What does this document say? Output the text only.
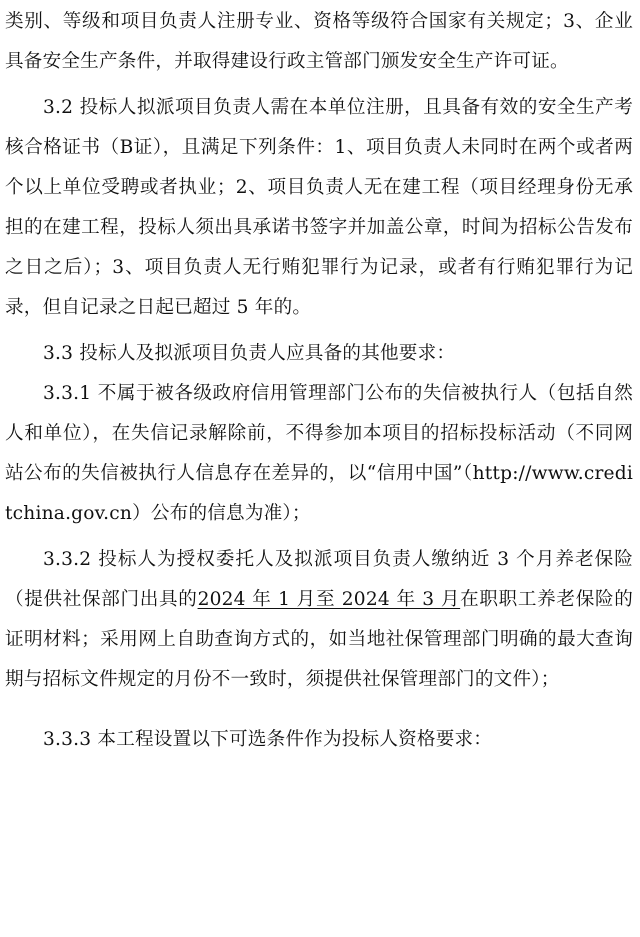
类别、等级和项目负责人注册专业、资格等级符合国家有关规定；3、企业具备安全生产条件，并取得建设行政主管部门颁发安全生产许可证。

3.2 投标人拟派项目负责人需在本单位注册，且具备有效的安全生产考核合格证书（B证），且满足下列条件：1、项目负责人未同时在两个或者两个以上单位受聘或者执业；2、项目负责人无在建工程（项目经理身份无承担的在建工程，投标人须出具承诺书签字并加盖公章，时间为招标公告发布之日之后）；3、项目负责人无行贿犯罪行为记录，或者有行贿犯罪行为记录，但自记录之日起已超过 5 年的。

3.3 投标人及拟派项目负责人应具备的其他要求：

3.3.1 不属于被各级政府信用管理部门公布的失信被执行人（包括自然人和单位），在失信记录解除前，不得参加本项目的招标投标活动（不同网站公布的失信被执行人信息存在差异的，以“信用中国”（http://www.creditchina.gov.cn）公布的信息为准）；

3.3.2 投标人为授权委托人及拟派项目负责人缴纳近 3 个月养老保险（提供社保部门出具的2024 年 1 月至 2024 年 3 月在职职工养老保险的证明材料；采用网上自助查询方式的，如当地社保管理部门明确的最大查询期与招标文件规定的月份不一致时，须提供社保管理部门的文件）；

3.3.3 本工程设置以下可选条件作为投标人资格要求：
